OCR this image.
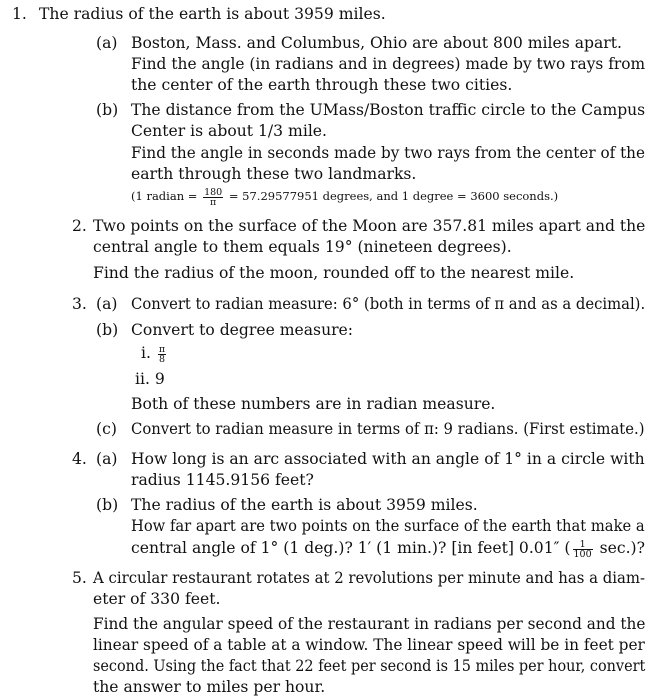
1. The radius of the earth is about 3959 miles.
(a) Boston, Mass. and Columbus, Ohio are about 800 miles apart.
Find the angle (in radians and in degrees) made by two rays from
the center of the earth through these two cities.
(b) The distance from the UMass/Boston traffic circle to the Campus
Center is about 1/3 mile.
Find the angle in seconds made by two rays from the center of the
earth through these two landmarks.
(1 radian = $\frac{180}{\pi} = 57.29577951$ degrees, and 1 degree = 3600 seconds.)
2. Two points on the surface of the Moon are 357.81 miles apart and the
central angle to them equals 19° (nineteen degrees).
Find the radius of the moon, rounded off to the nearest mile.
3. (a) Convert to radian measure: 6° (both in terms of π and as a decimal).
(b) Convert to degree measure:
i. $\frac{\pi}{8}$
ii. 9
Both of these numbers are in radian measure.
(c) Convert to radian measure in terms of π: 9 radians. (First estimate.)
4. (a) How long is an arc associated with an angle of 1° in a circle with
radius 1145.9156 feet?
(b) The radius of the earth is about 3959 miles.
How far apart are two points on the surface of the earth that make a
central angle of 1° (1 deg.)? 1′ (1 min.)? [in feet] 0.01″ ( $\frac{1}{100} \sec$.)?
5. A circular restaurant rotates at 2 revolutions per minute and has a diam-
eter of 330 feet.
Find the angular speed of the restaurant in radians per second and the
linear speed of a table at a window. The linear speed will be in feet per
second. Using the fact that 22 feet per second is 15 miles per hour, convert
the answer to miles per hour.
